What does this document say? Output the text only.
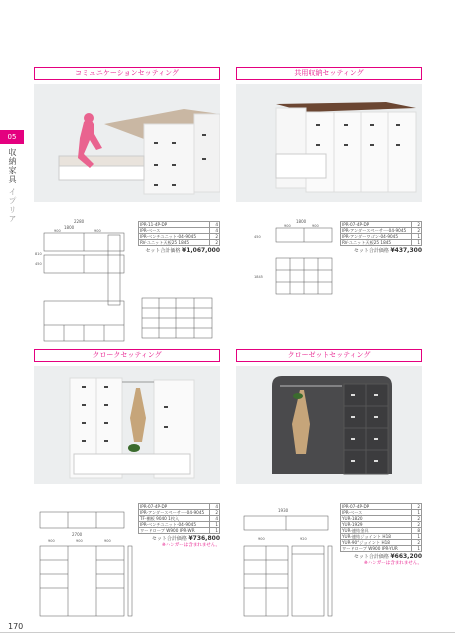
05
収納家具 イプリア
コミュニケーションセッティング
IPR-11-4P-DP	4
IPR-ベース	4
IPR-ベンチユニット-04-9045	2
RV-ユニット天板25 1845	2
セット合計価格 ¥1,067,000
2280
1800
900	900
810
450
共用収納セッティング
IPR-07-4P-DP	2
IPR-アンダースペーサー-04-9045	2
IPR-アンダーワゴン-04-9045	1
RV-ユニット天板25 1845	1
セット合計価格 ¥437,300
1800
900	900
1845
450
クロークセッティング
IPR-07-4P-DP	4
IPR-アンダースペーサー-04-9045	2
TF-棚板 9040 1枚入	4
IPR-ベンチユニット-04-9045	1
ワードローブ W900 IPR-WR	1
セット合計価格 ¥736,800
※ハンガーは含まれません。
2700
900	900	900
クローゼットセッティング
IPR-07-4P-DP	2
IPR-ベース	1
YUR-1820	2
YUR-1929	2
YUR-連結金具	8
YUR-連結ジョイント H18	1
YUR-90°ジョイント H18	2
ワードローブ W900 IPR-YUR	1
セット合計価格 ¥663,200
※ハンガーは含まれません。
1930
900	920
170
